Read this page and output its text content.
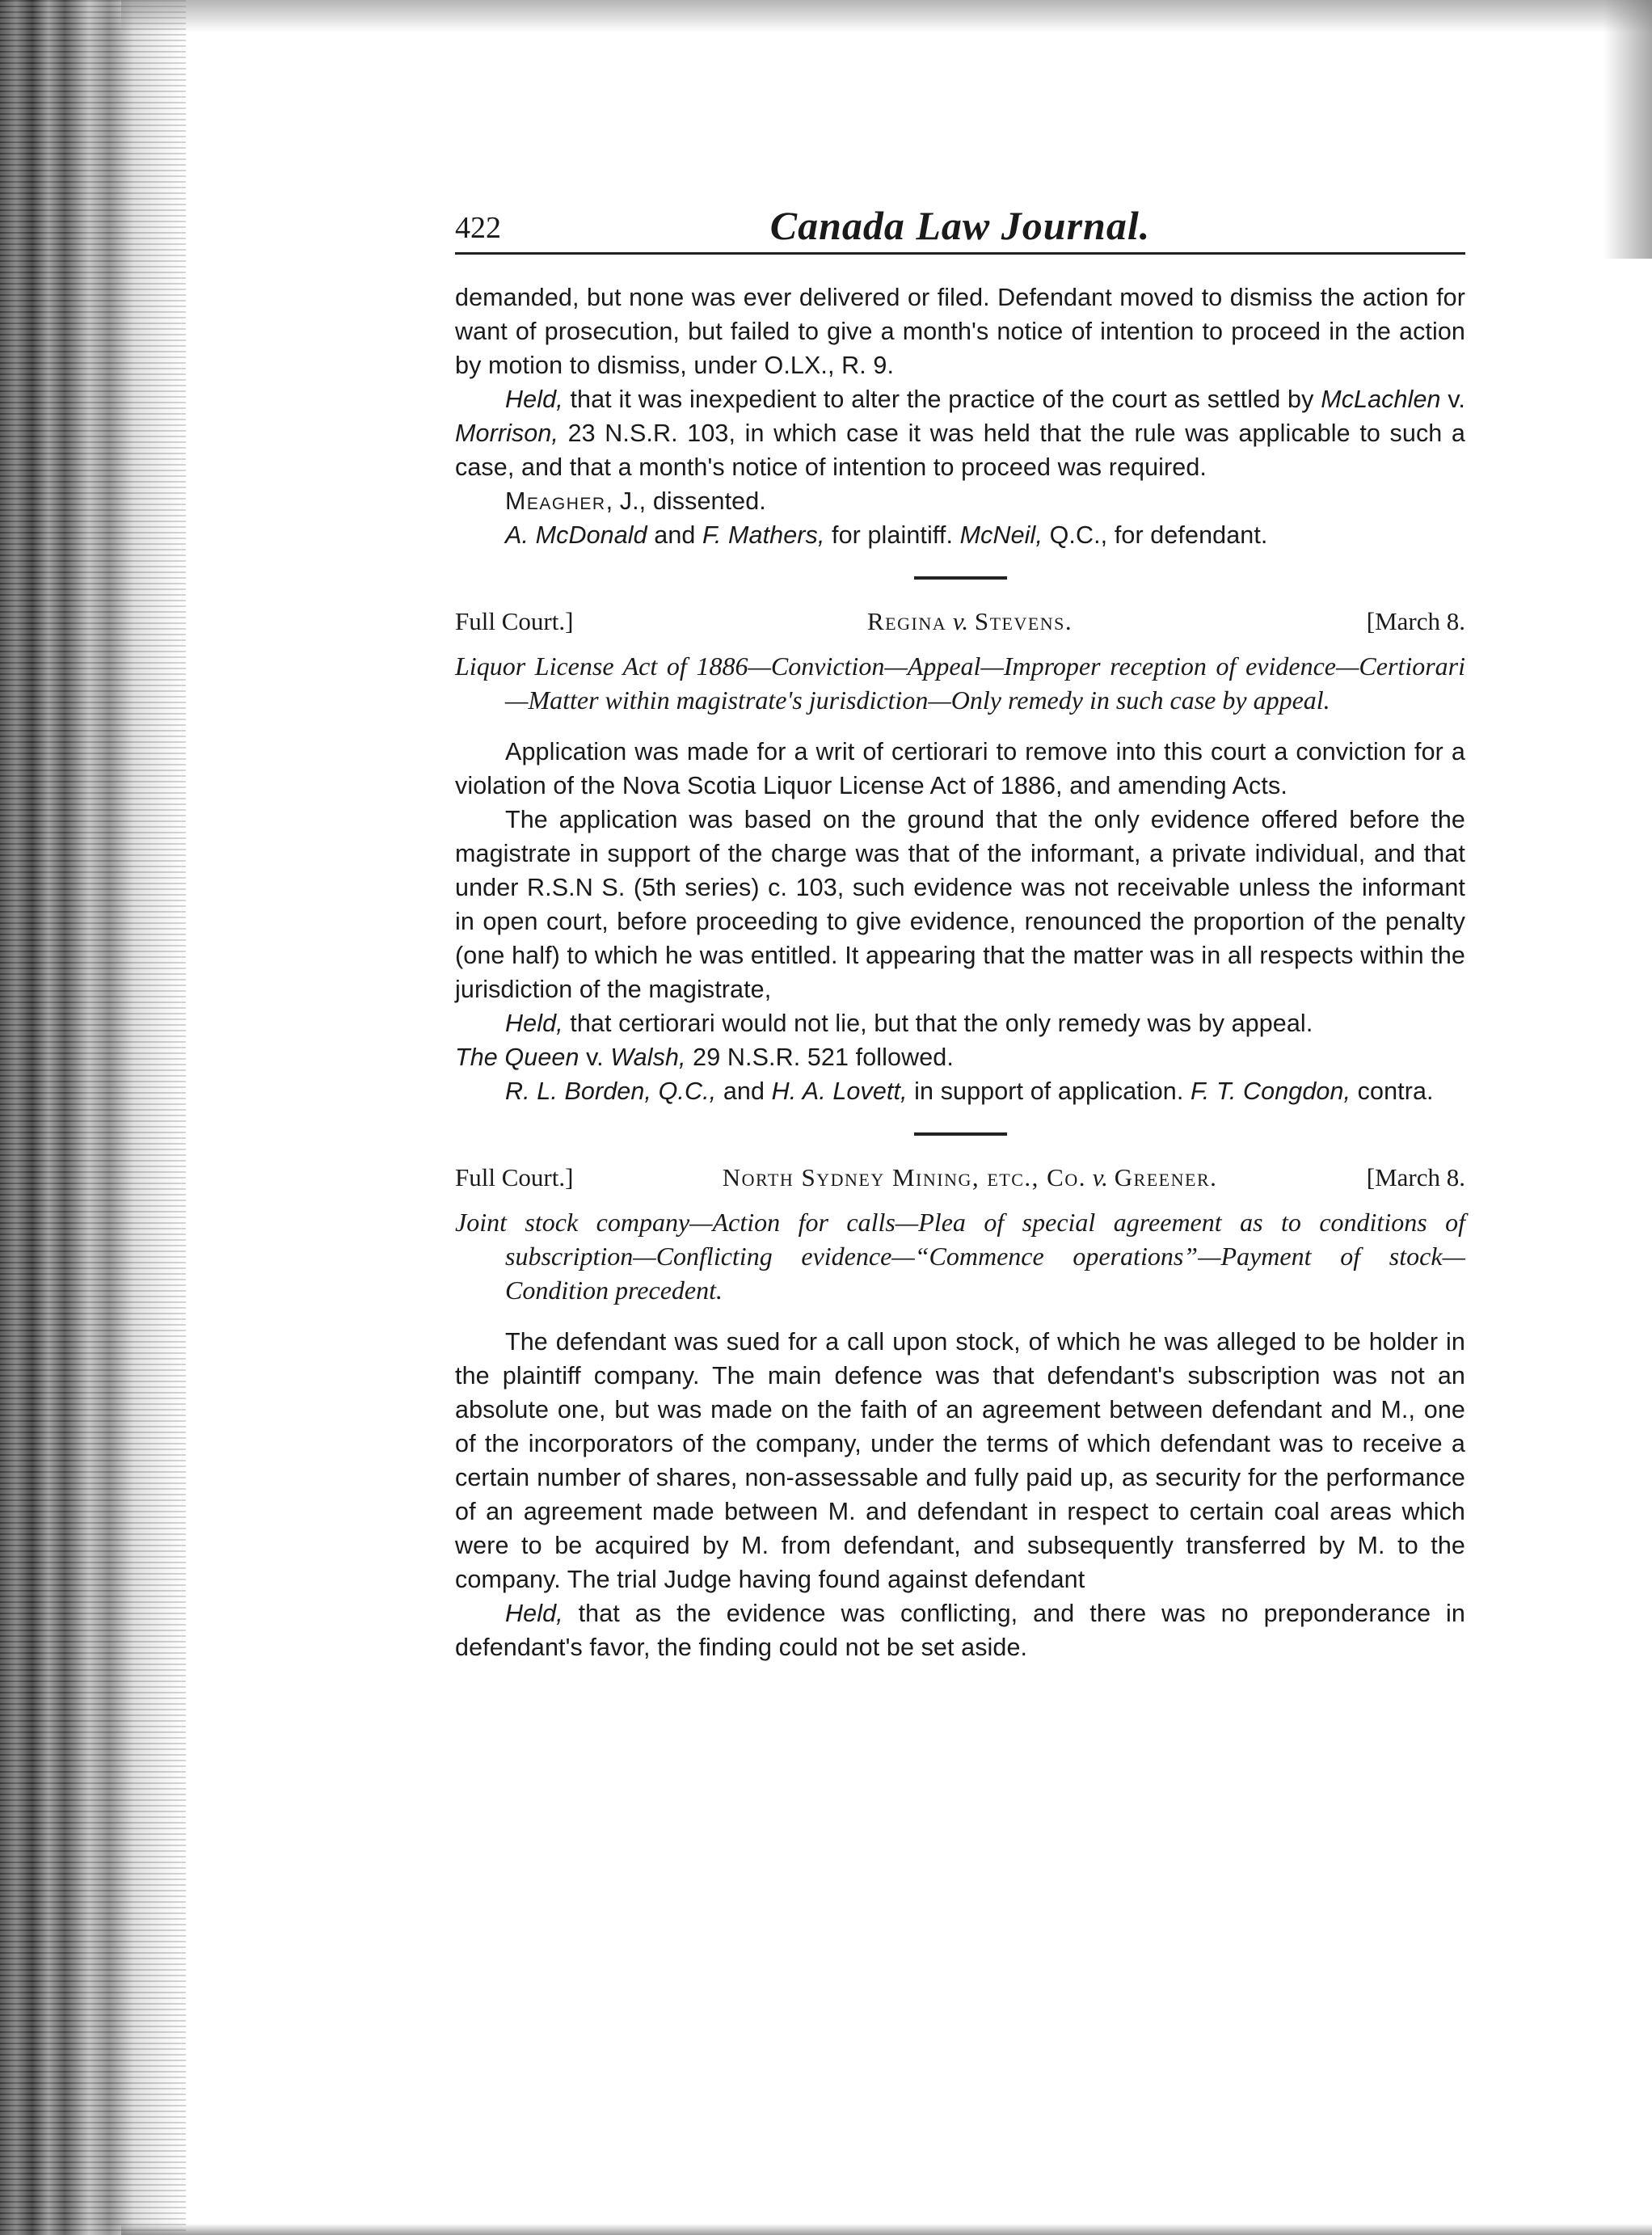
422	Canada Law Journal.

demanded, but none was ever delivered or filed. Defendant moved to dismiss the action for want of prosecution, but failed to give a month's notice of intention to proceed in the action by motion to dismiss, under O.LX., R. 9.

Held, that it was inexpedient to alter the practice of the court as settled by McLachlen v. Morrison, 23 N.S.R. 103, in which case it was held that the rule was applicable to such a case, and that a month's notice of intention to proceed was required.

Meagher, J., dissented.

A. McDonald and F. Mathers, for plaintiff. McNeil, Q.C., for defendant.

Full Court.]	Regina v. Stevens.	[March 8.

Liquor License Act of 1886—Conviction—Appeal—Improper reception of evidence—Certiorari—Matter within magistrate's jurisdiction—Only remedy in such case by appeal.

Application was made for a writ of certiorari to remove into this court a conviction for a violation of the Nova Scotia Liquor License Act of 1886, and amending Acts.

The application was based on the ground that the only evidence offered before the magistrate in support of the charge was that of the informant, a private individual, and that under R.S.N S. (5th series) c. 103, such evidence was not receivable unless the informant in open court, before proceeding to give evidence, renounced the proportion of the penalty (one half) to which he was entitled. It appearing that the matter was in all respects within the jurisdiction of the magistrate,

Held, that certiorari would not lie, but that the only remedy was by appeal.

The Queen v. Walsh, 29 N.S.R. 521 followed.

R. L. Borden, Q.C., and H. A. Lovett, in support of application. F. T. Congdon, contra.

Full Court.]	North Sydney Mining, etc., Co. v. Greener.	[March 8.

Joint stock company—Action for calls—Plea of special agreement as to conditions of subscription—Conflicting evidence—“Commence operations”—Payment of stock—Condition precedent.

The defendant was sued for a call upon stock, of which he was alleged to be holder in the plaintiff company. The main defence was that defendant's subscription was not an absolute one, but was made on the faith of an agreement between defendant and M., one of the incorporators of the company, under the terms of which defendant was to receive a certain number of shares, non-assessable and fully paid up, as security for the performance of an agreement made between M. and defendant in respect to certain coal areas which were to be acquired by M. from defendant, and subsequently transferred by M. to the company. The trial Judge having found against defendant

Held, that as the evidence was conflicting, and there was no preponderance in defendant's favor, the finding could not be set aside.
